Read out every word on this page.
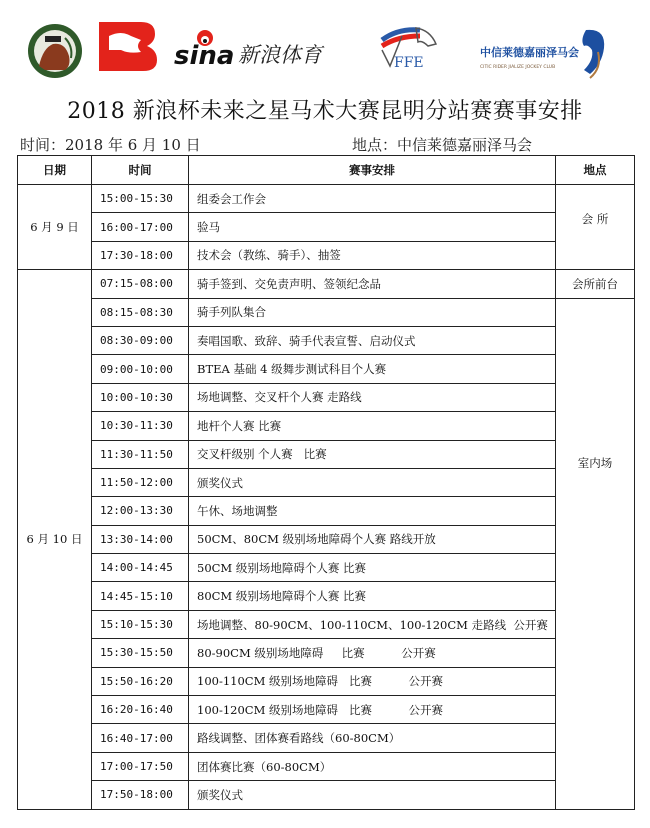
sina 新浪体育	FFE
中信莱德嘉丽泽马会
CITIC RIDER JIALIZE JOCKEY CLUB
2018 新浪杯未来之星马术大赛昆明分站赛赛事安排
时间：2018 年 6 月 10 日	地点：中信莱德嘉丽泽马会
日期	时间	赛事安排	地点
6 月 9 日	15:00-15:30	组委会工作会	会 所
	16:00-17:00	验马	
	17:30-18:00	技术会（教练、骑手）、抽签	
6 月 10 日	07:15-08:00	骑手签到、交免责声明、签领纪念品	会所前台
	08:15-08:30	骑手列队集合	室内场
	08:30-09:00	奏唱国歌、致辞、骑手代表宣誓、启动仪式	
	09:00-10:00	BTEA 基础 4 级舞步测试科目个人赛	
	10:00-10:30	场地调整、交叉杆个人赛 走路线	
	10:30-11:30	地杆个人赛 比赛	
	11:30-11:50	交叉杆级别 个人赛   比赛	
	11:50-12:00	颁奖仪式	
	12:00-13:30	午休、场地调整	
	13:30-14:00	50CM、80CM 级别场地障碍个人赛 路线开放	
	14:00-14:45	50CM 级别场地障碍个人赛 比赛	
	14:45-15:10	80CM 级别场地障碍个人赛 比赛	
	15:10-15:30	场地调整、80-90CM、100-110CM、100-120CM 走路线  公开赛	
	15:30-15:50	80-90CM 级别场地障碍     比赛          公开赛	
	15:50-16:20	100-110CM 级别场地障碍   比赛          公开赛	
	16:20-16:40	100-120CM 级别场地障碍   比赛          公开赛	
	16:40-17:00	路线调整、团体赛看路线（60-80CM）	
	17:00-17:50	团体赛比赛（60-80CM）	
	17:50-18:00	颁奖仪式	
